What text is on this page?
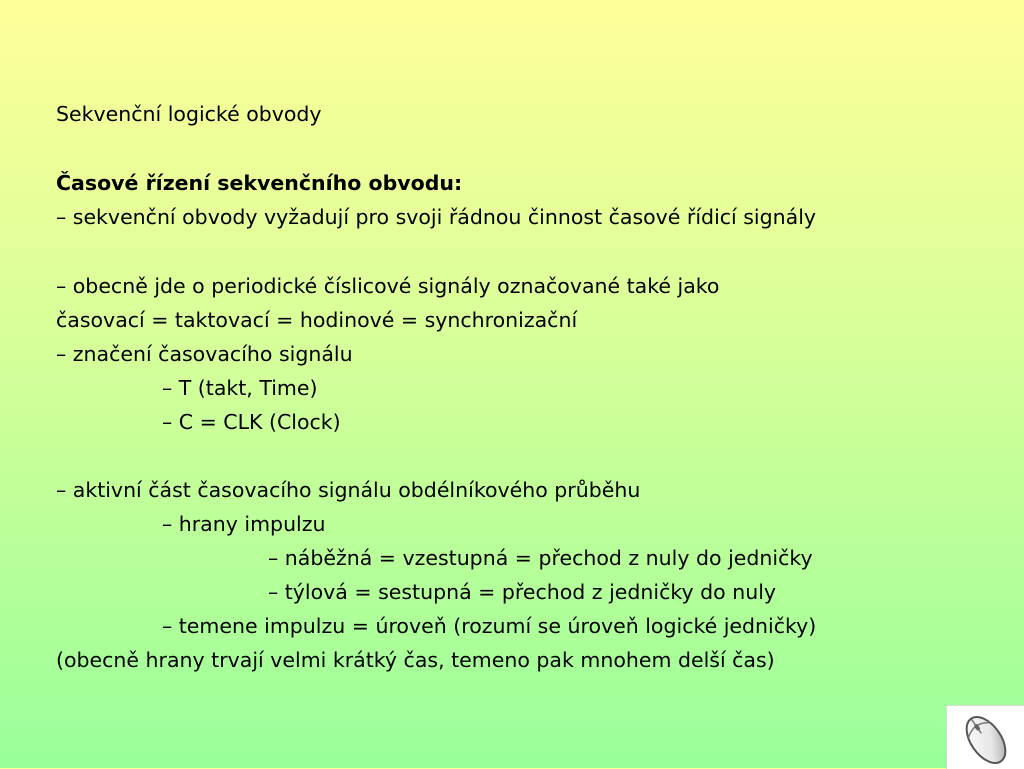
Sekvenční logické obvody
Časové řízení sekvenčního obvodu:
– sekvenční obvody vyžadují pro svoji řádnou činnost časové řídicí signály
– obecně jde o periodické číslicové signály označované také jako
časovací = taktovací = hodinové = synchronizační
– značení časovacího signálu
– T (takt, Time)
– C = CLK (Clock)
– aktivní část časovacího signálu obdélníkového průběhu
– hrany impulzu
– náběžná = vzestupná = přechod z nuly do jedničky
– týlová = sestupná = přechod z jedničky do nuly
– temene impulzu = úroveň (rozumí se úroveň logické jedničky)
(obecně hrany trvají velmi krátký čas, temeno pak mnohem delší čas)
